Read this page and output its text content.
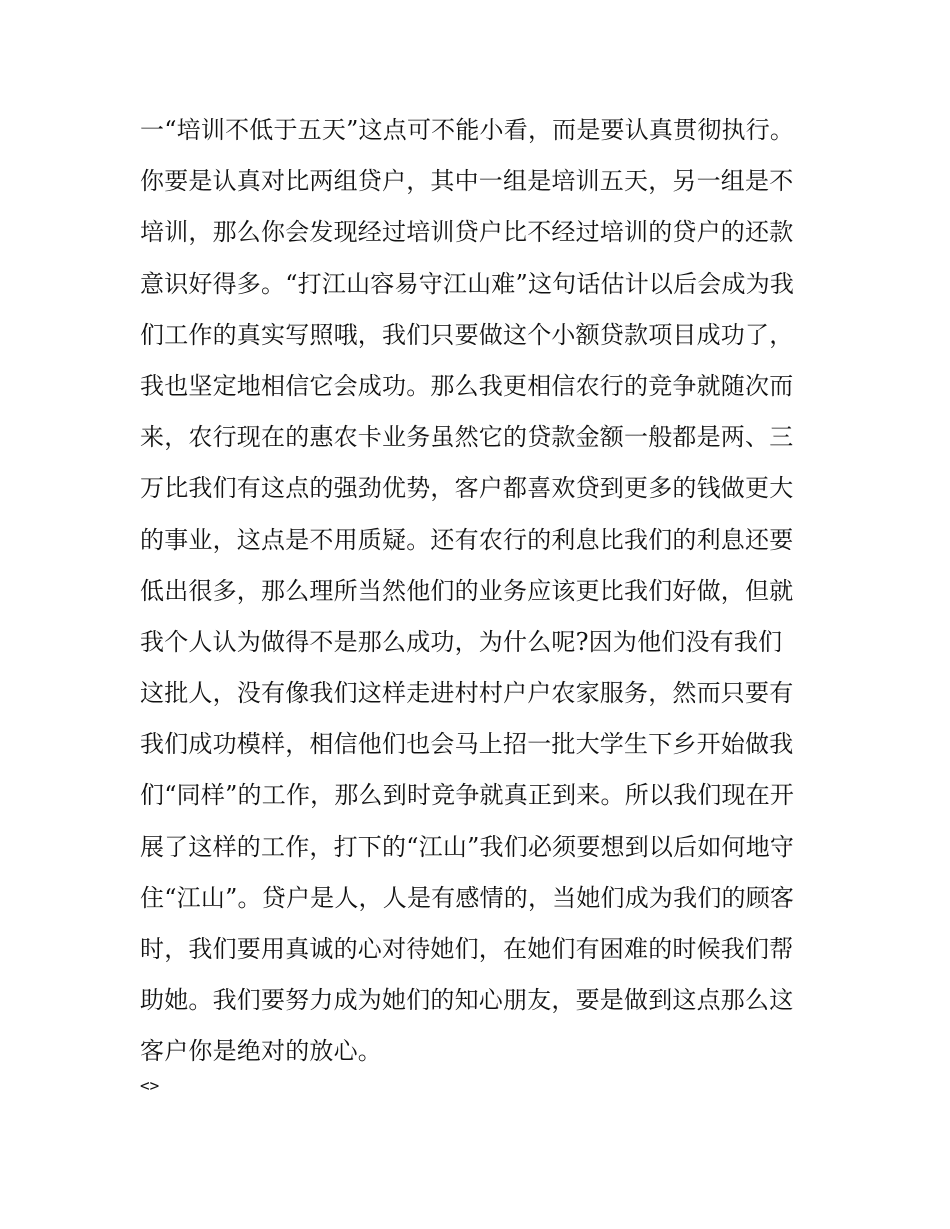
一“培训不低于五天”这点可不能小看，而是要认真贯彻执行。
你要是认真对比两组贷户，其中一组是培训五天，另一组是不
培训，那么你会发现经过培训贷户比不经过培训的贷户的还款
意识好得多。“打江山容易守江山难”这句话估计以后会成为我
们工作的真实写照哦，我们只要做这个小额贷款项目成功了，
我也坚定地相信它会成功。那么我更相信农行的竞争就随次而
来，农行现在的惠农卡业务虽然它的贷款金额一般都是两、三
万比我们有这点的强劲优势，客户都喜欢贷到更多的钱做更大
的事业，这点是不用质疑。还有农行的利息比我们的利息还要
低出很多，那么理所当然他们的业务应该更比我们好做，但就
我个人认为做得不是那么成功，为什么呢?因为他们没有我们
这批人，没有像我们这样走进村村户户农家服务，然而只要有
我们成功模样，相信他们也会马上招一批大学生下乡开始做我
们“同样”的工作，那么到时竞争就真正到来。所以我们现在开
展了这样的工作，打下的“江山”我们必须要想到以后如何地守
住“江山”。贷户是人，人是有感情的，当她们成为我们的顾客
时，我们要用真诚的心对待她们，在她们有困难的时候我们帮
助她。我们要努力成为她们的知心朋友，要是做到这点那么这
客户你是绝对的放心。
<>
